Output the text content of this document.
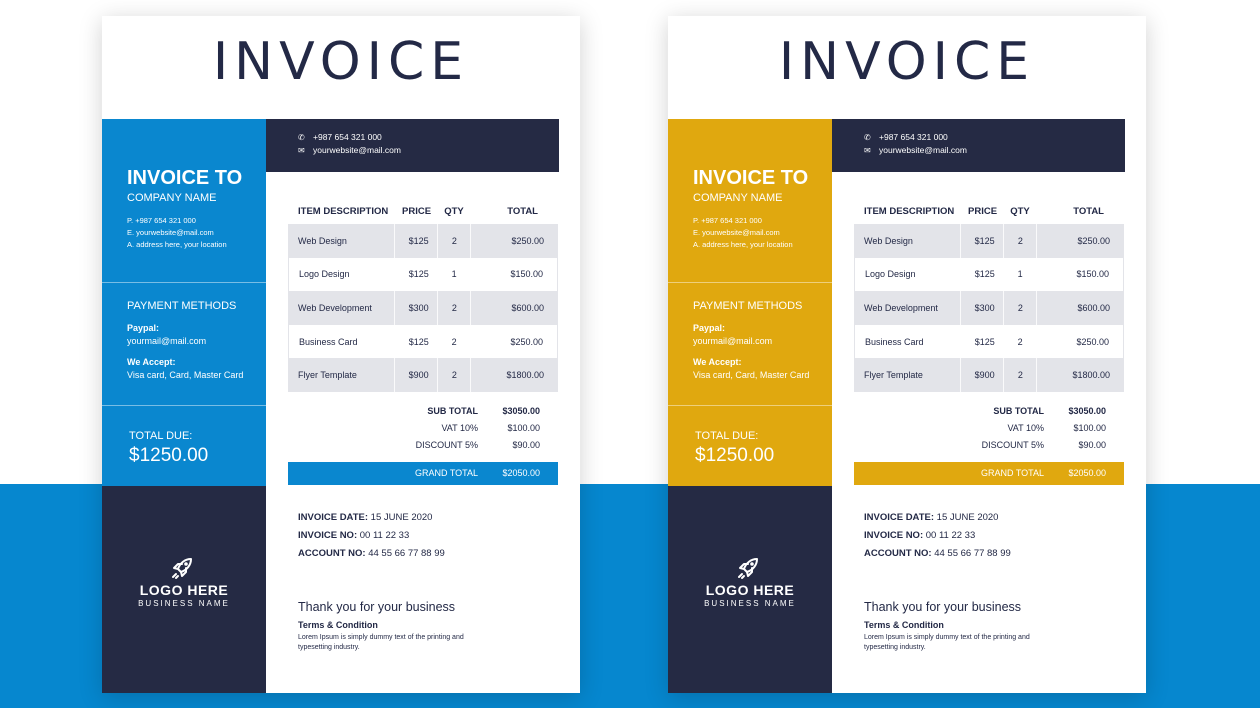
INVOICE
INVOICE TO
COMPANY NAME
P. +987 654 321 000
E. yourwebsite@mail.com
A. address here, your location
PAYMENT METHODS
Paypal:
yourmail@mail.com
We Accept:
Visa card, Card, Master Card
TOTAL DUE:
$1250.00
LOGO HERE
BUSINESS NAME
✆ +987 654 321 000
✉ yourwebsite@mail.com
ITEM DESCRIPTION	PRICE	QTY	TOTAL
Web Design	$125	2	$250.00
Logo Design	$125	1	$150.00
Web Development	$300	2	$600.00
Business Card	$125	2	$250.00
Flyer Template	$900	2	$1800.00
SUB TOTAL	$3050.00
VAT 10%	$100.00
DISCOUNT 5%	$90.00
GRAND TOTAL	$2050.00
INVOICE DATE: 15 JUNE 2020
INVOICE NO: 00 11 22 33
ACCOUNT NO: 44 55 66 77 88 99
Thank you for your business
Terms & Condition
Lorem Ipsum is simply dummy text of the printing and typesetting industry.
INVOICE
INVOICE TO
COMPANY NAME
P. +987 654 321 000
E. yourwebsite@mail.com
A. address here, your location
PAYMENT METHODS
Paypal:
yourmail@mail.com
We Accept:
Visa card, Card, Master Card
TOTAL DUE:
$1250.00
LOGO HERE
BUSINESS NAME
✆ +987 654 321 000
✉ yourwebsite@mail.com
ITEM DESCRIPTION	PRICE	QTY	TOTAL
Web Design	$125	2	$250.00
Logo Design	$125	1	$150.00
Web Development	$300	2	$600.00
Business Card	$125	2	$250.00
Flyer Template	$900	2	$1800.00
SUB TOTAL	$3050.00
VAT 10%	$100.00
DISCOUNT 5%	$90.00
GRAND TOTAL	$2050.00
INVOICE DATE: 15 JUNE 2020
INVOICE NO: 00 11 22 33
ACCOUNT NO: 44 55 66 77 88 99
Thank you for your business
Terms & Condition
Lorem Ipsum is simply dummy text of the printing and typesetting industry.
